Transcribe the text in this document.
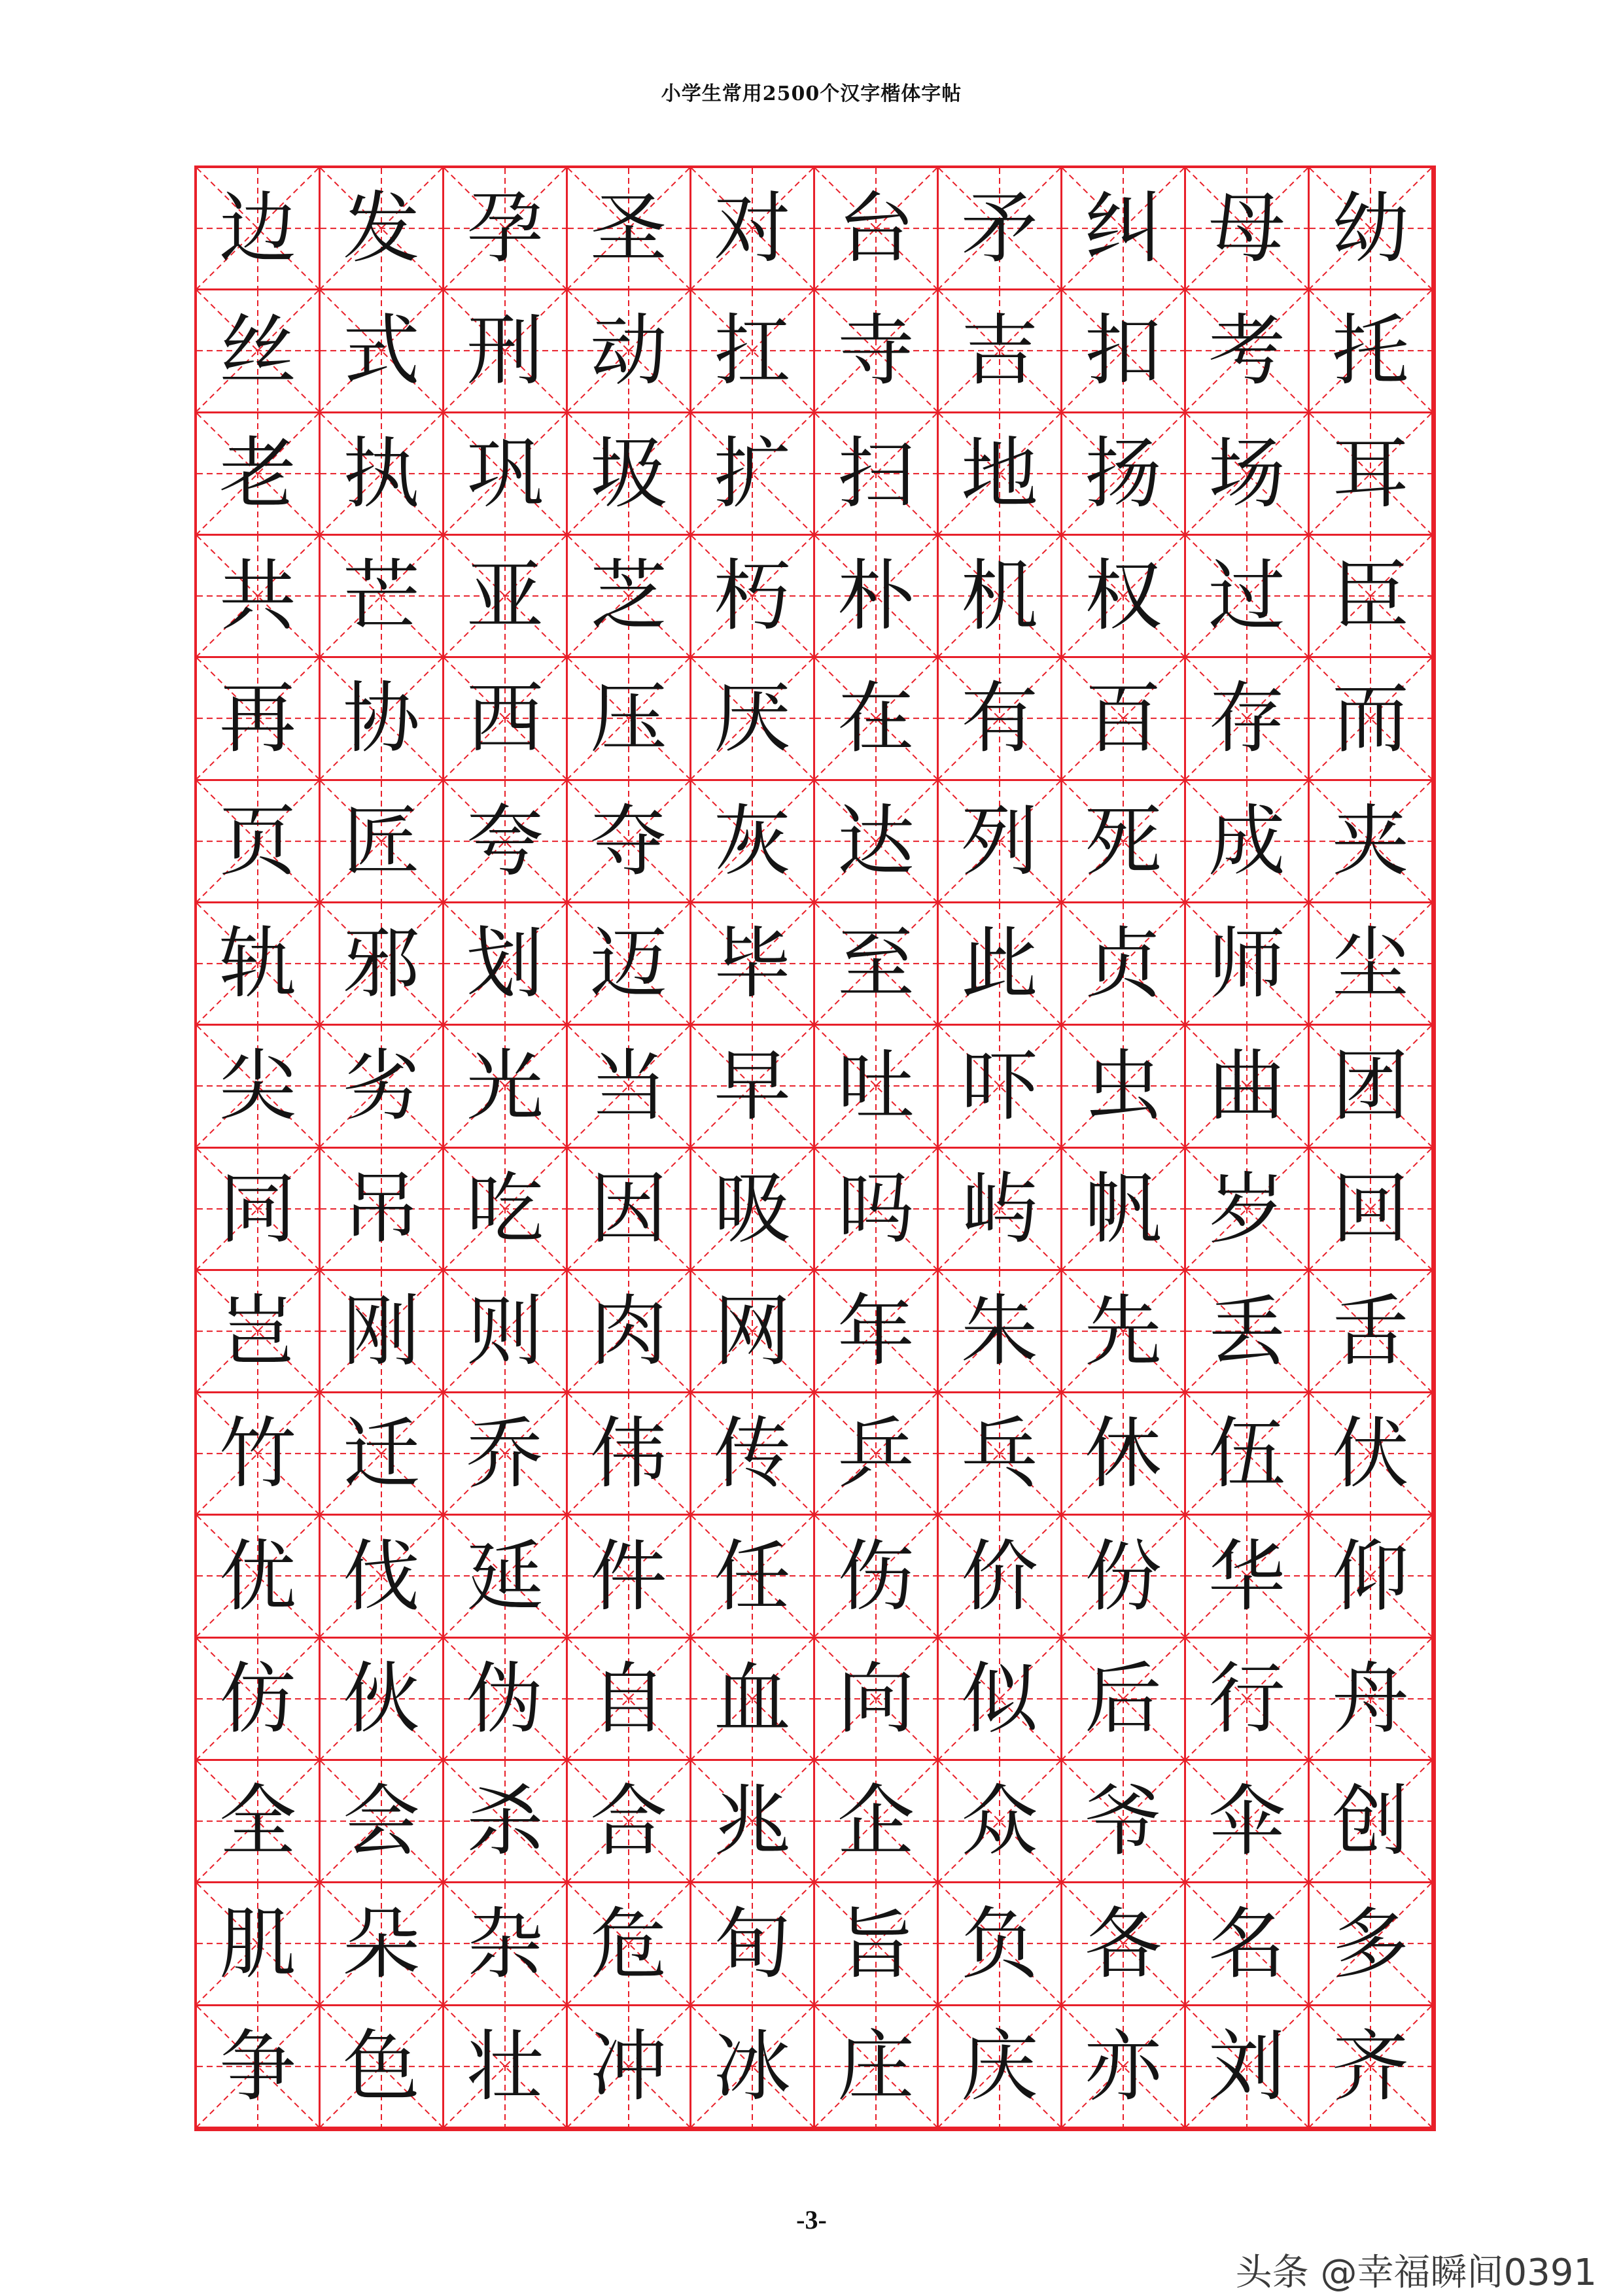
小学生常用2500个汉字楷体字帖
边 发 孕 圣 对 台 矛 纠 母 幼
丝 式 刑 动 扛 寺 吉 扣 考 托
老 执 巩 圾 扩 扫 地 扬 场 耳
共 芒 亚 芝 朽 朴 机 权 过 臣
再 协 西 压 厌 在 有 百 存 而
页 匠 夸 夺 灰 达 列 死 成 夹
轨 邪 划 迈 毕 至 此 贞 师 尘
尖 劣 光 当 早 吐 吓 虫 曲 团
同 吊 吃 因 吸 吗 屿 帆 岁 回
岂 刚 则 肉 网 年 朱 先 丢 舌
竹 迁 乔 伟 传 乒 乓 休 伍 伏
优 伐 延 件 任 伤 价 份 华 仰
仿 伙 伪 自 血 向 似 后 行 舟
全 会 杀 合 兆 企 众 爷 伞 创
肌 朵 杂 危 旬 旨 负 各 名 多
争 色 壮 冲 冰 庄 庆 亦 刘 齐
-3-
头条 @幸福瞬间0391
